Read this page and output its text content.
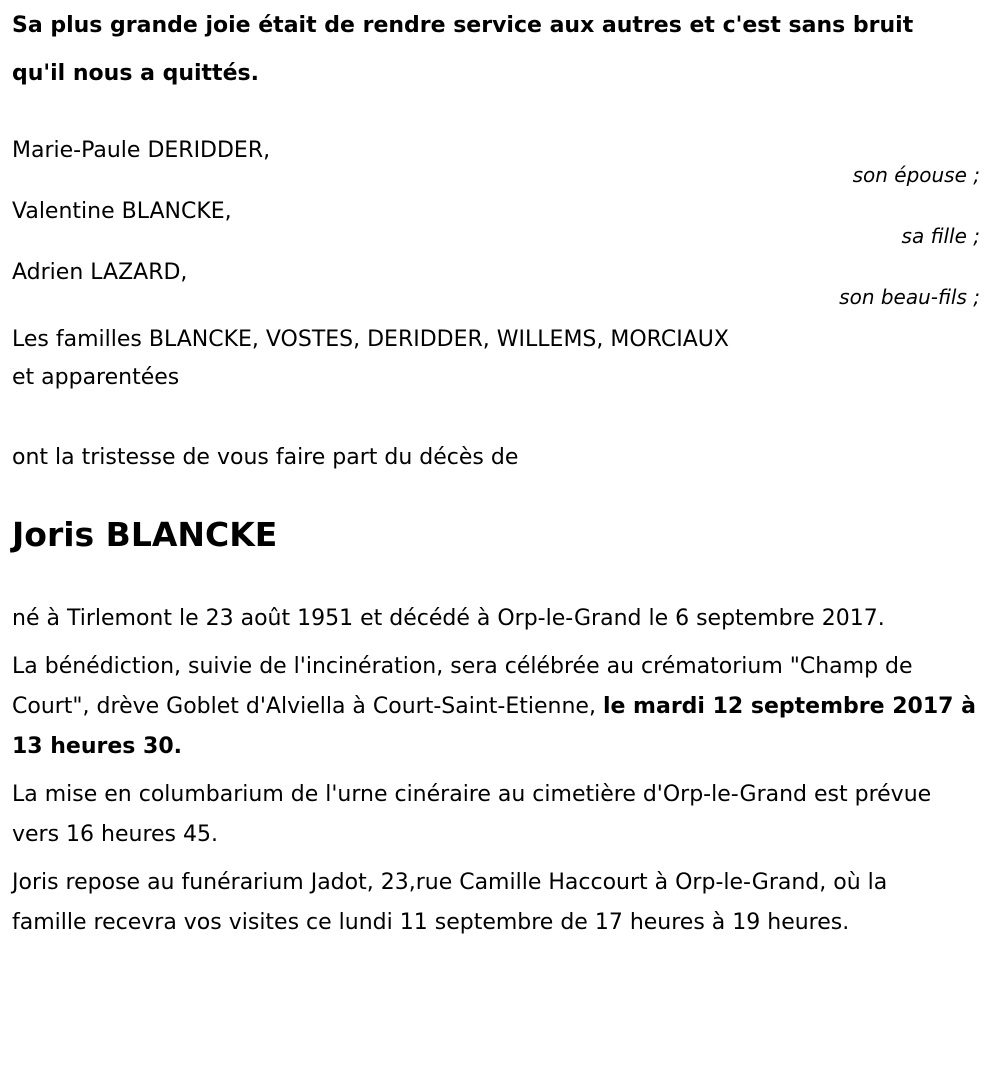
Sa plus grande joie était de rendre service aux autres et c'est sans bruit

qu'il nous a quittés.

Marie-Paule DERIDDER,
son épouse ;
Valentine BLANCKE,
sa fille ;
Adrien LAZARD,
son beau-fils ;
Les familles BLANCKE, VOSTES, DERIDDER, WILLEMS, MORCIAUX et apparentées
ont la tristesse de vous faire part du décès de
Joris BLANCKE

né à Tirlemont le 23 août 1951 et décédé à Orp-le-Grand le 6 septembre 2017.

La bénédiction, suivie de l'incinération, sera célébrée au crématorium "Champ de Court", drève Goblet d'Alviella à Court-Saint-Etienne, le mardi 12 septembre 2017 à 13 heures 30.

La mise en columbarium de l'urne cinéraire au cimetière d'Orp-le-Grand est prévue vers 16 heures 45.

Joris repose au funérarium Jadot, 23,rue Camille Haccourt à Orp-le-Grand, où la famille recevra vos visites ce lundi 11 septembre de 17 heures à 19 heures.
